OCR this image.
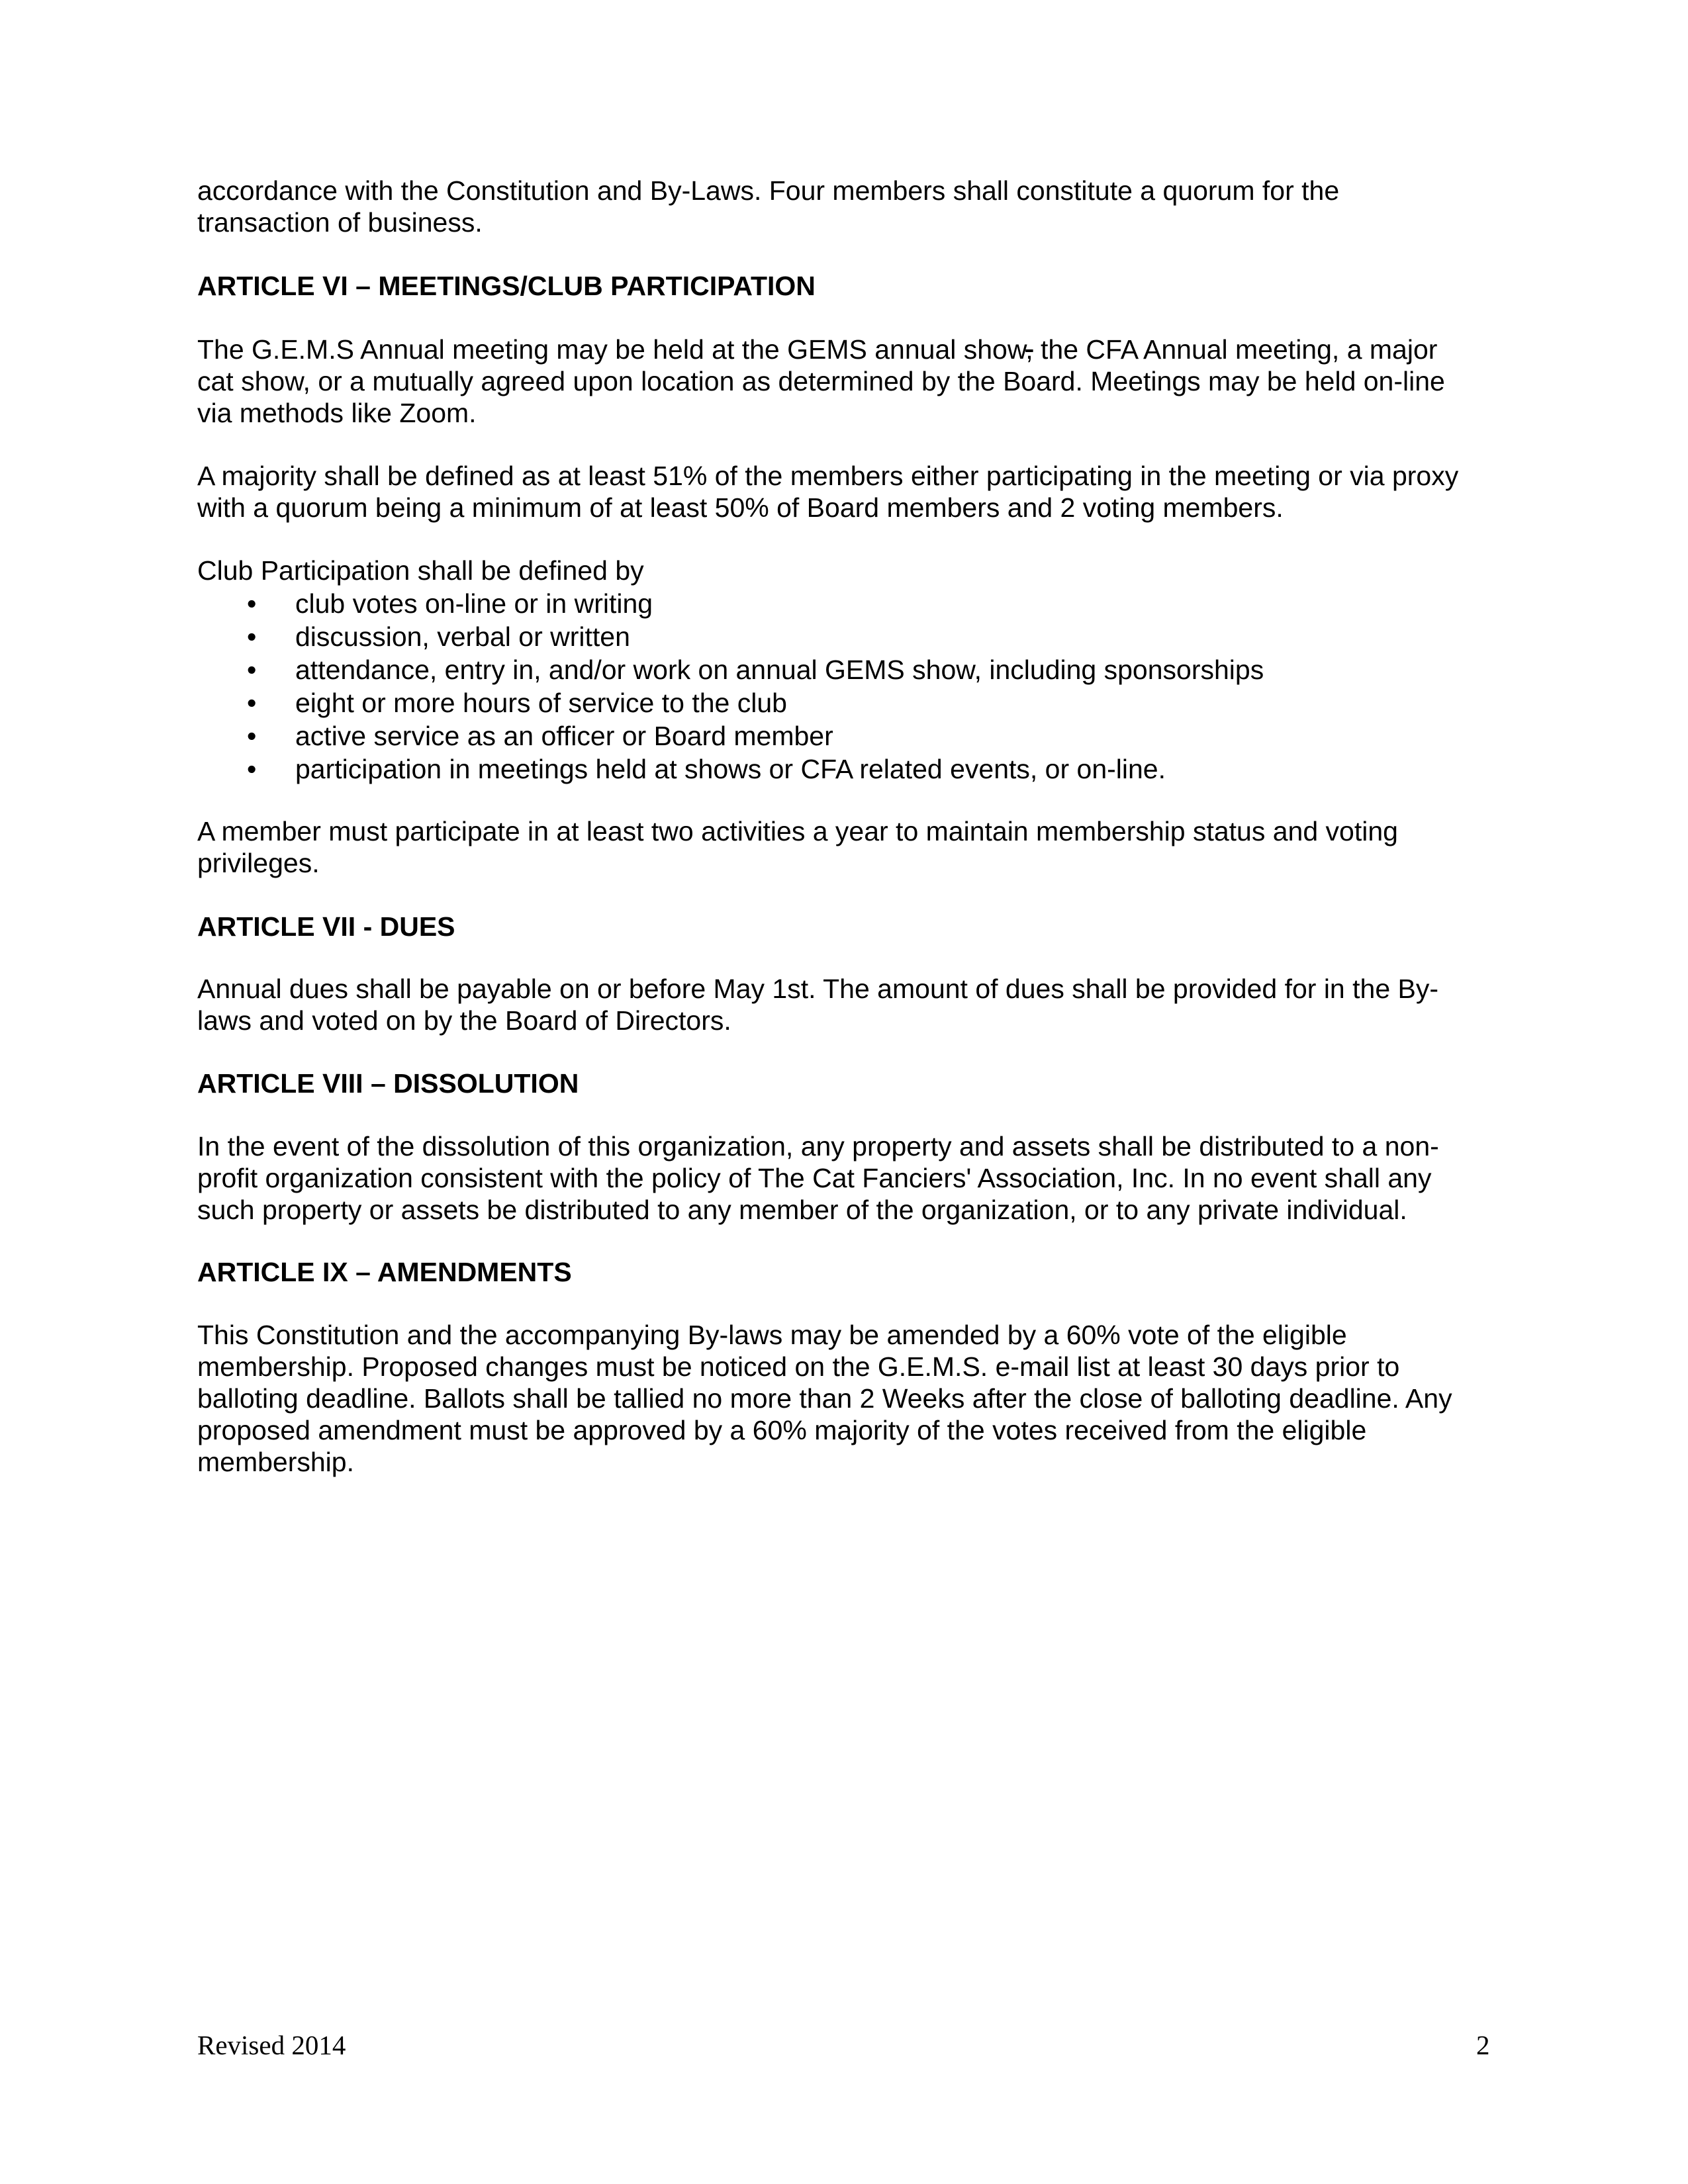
accordance with the Constitution and By-Laws. Four members shall constitute a quorum for the
transaction of business.
ARTICLE VI – MEETINGS/CLUB PARTICIPATION
The G.E.M.S Annual meeting may be held at the GEMS annual show, the CFA Annual meeting, a major
cat show, or a mutually agreed upon location as determined by the Board. Meetings may be held on-line
via methods like Zoom.
A majority shall be defined as at least 51% of the members either participating in the meeting or via proxy
with a quorum being a minimum of at least 50% of Board members and 2 voting members.
Club Participation shall be defined by
• club votes on-line or in writing
• discussion, verbal or written
• attendance, entry in, and/or work on annual GEMS show, including sponsorships
• eight or more hours of service to the club
• active service as an officer or Board member
• participation in meetings held at shows or CFA related events, or on-line.
A member must participate in at least two activities a year to maintain membership status and voting
privileges.
ARTICLE VII - DUES
Annual dues shall be payable on or before May 1st. The amount of dues shall be provided for in the By-
laws and voted on by the Board of Directors.
ARTICLE VIII – DISSOLUTION
In the event of the dissolution of this organization, any property and assets shall be distributed to a non-
profit organization consistent with the policy of The Cat Fanciers' Association, Inc. In no event shall any
such property or assets be distributed to any member of the organization, or to any private individual.
ARTICLE IX – AMENDMENTS
This Constitution and the accompanying By-laws may be amended by a 60% vote of the eligible
membership. Proposed changes must be noticed on the G.E.M.S. e-mail list at least 30 days prior to
balloting deadline. Ballots shall be tallied no more than 2 Weeks after the close of balloting deadline. Any
proposed amendment must be approved by a 60% majority of the votes received from the eligible
membership.
Revised 2014	2
